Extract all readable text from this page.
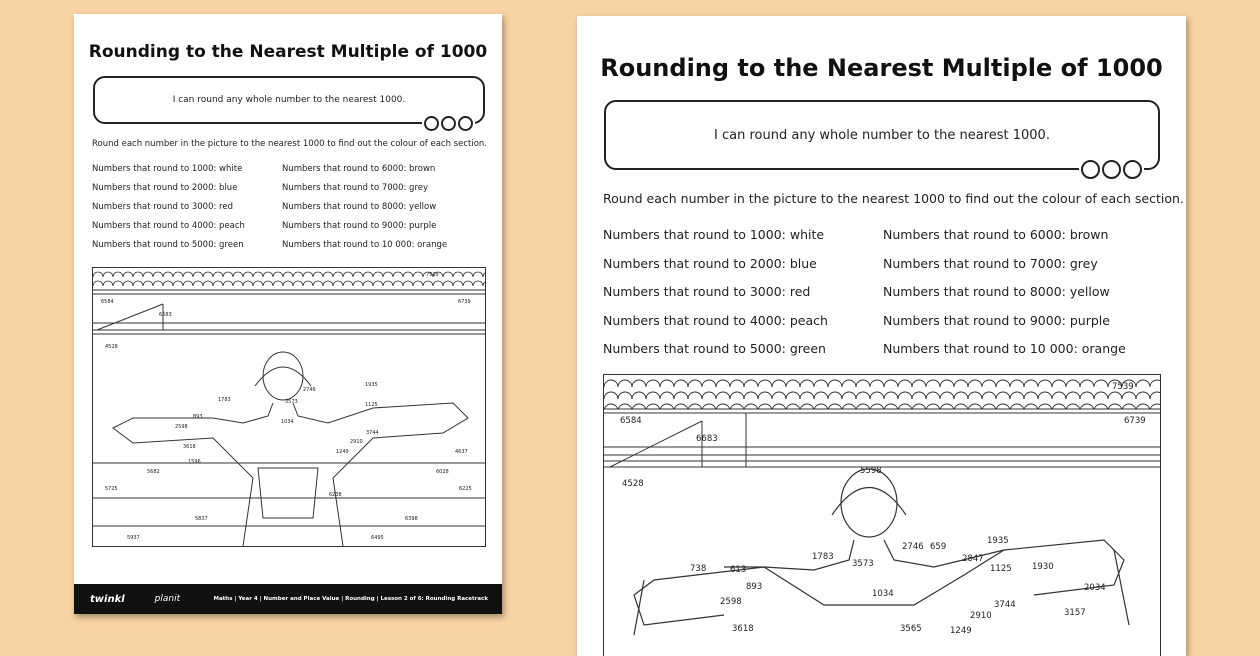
Rounding to the Nearest Multiple of 1000
I can round any whole number to the nearest 1000.
Round each number in the picture to the nearest 1000 to find out the colour of each section.
Numbers that round to 1000: white	Numbers that round to 6000: brown
Numbers that round to 2000: blue	Numbers that round to 7000: grey
Numbers that round to 3000: red	Numbers that round to 8000: yellow
Numbers that round to 4000: peach	Numbers that round to 9000: purple
Numbers that round to 5000: green	Numbers that round to 10 000: orange
6584	6739
6683
7539
4528
2746
1935
1783	3573	1125
893
2598
1034
3744
2910
3618
1249	4637
1596
5682	6028
5725	6225
6238
5837	6398
5937	6495
twinkl	planit	Maths | Year 4 | Number and Place Value | Rounding | Lesson 2 of 6: Rounding Racetrack
Rounding to the Nearest Multiple of 1000
I can round any whole number to the nearest 1000.
Round each number in the picture to the nearest 1000 to find out the colour of each section.
Numbers that round to 1000: white	Numbers that round to 6000: brown
Numbers that round to 2000: blue	Numbers that round to 7000: grey
Numbers that round to 3000: red	Numbers that round to 8000: yellow
Numbers that round to 4000: peach	Numbers that round to 9000: purple
Numbers that round to 5000: green	Numbers that round to 10 000: orange
7539
6584	6739
6683
4528
5598
2746 659
1935
1783
3573	2847
1125 1930
738	613
893
2598
1034
3744
2910	3157
2034
3618	3565	1249
